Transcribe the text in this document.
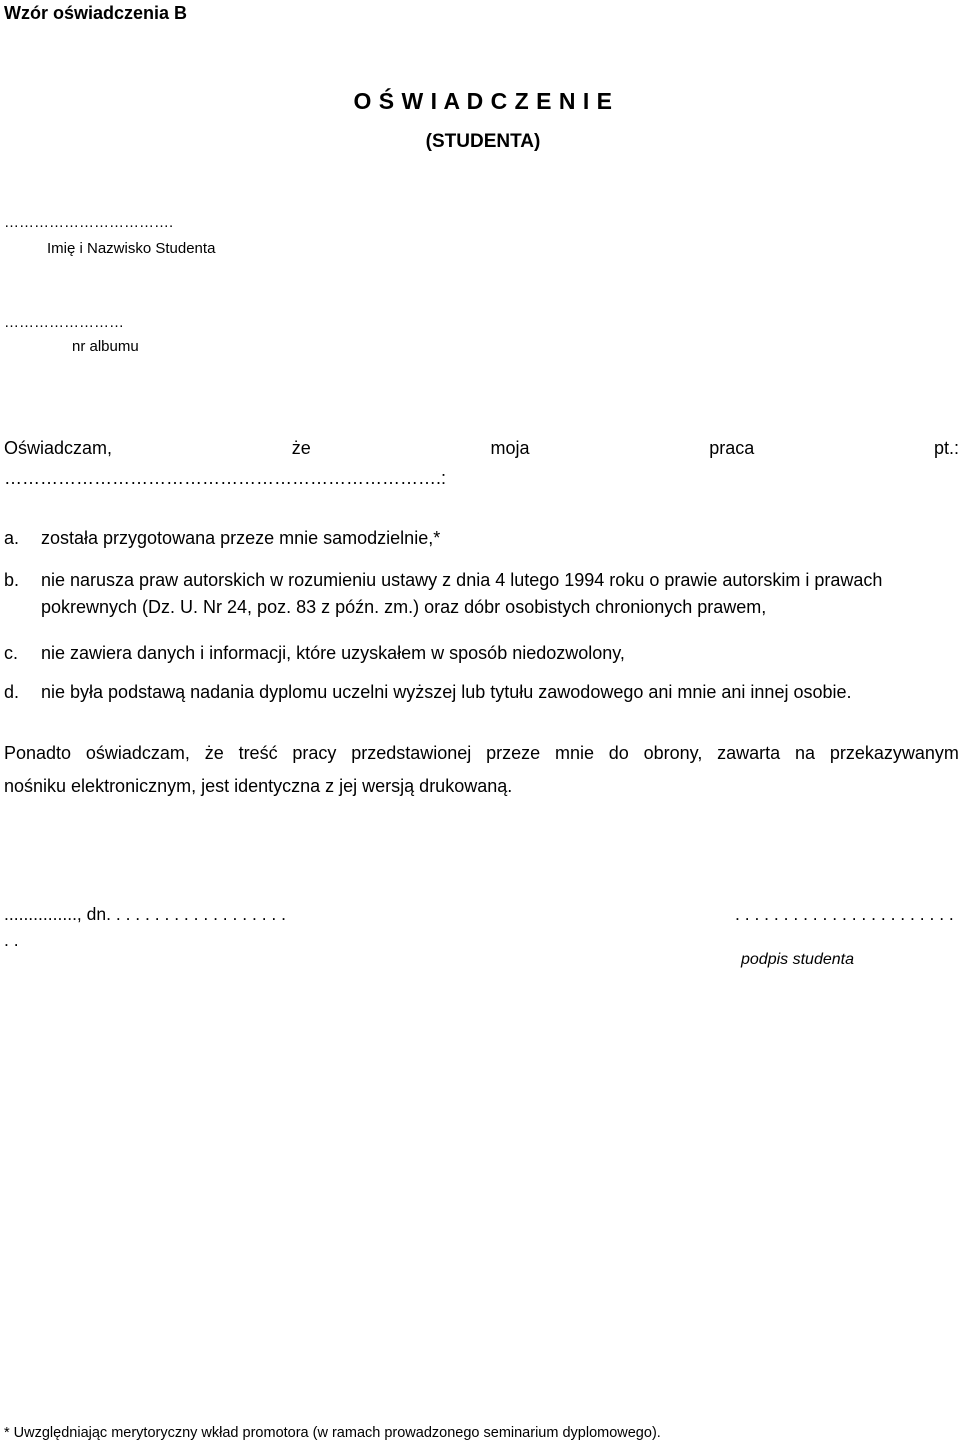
Wzór oświadczenia B
O Ś W I A D C Z E N I E
(STUDENTA)
…………………………….
Imię i Nazwisko Studenta
……………………
nr albumu
Oświadczam,	że	moja	praca	pt.:
……………………………………………………………….:
a. została przygotowana przeze mnie samodzielnie,*
b. nie narusza praw autorskich w rozumieniu ustawy z dnia 4 lutego 1994 roku o prawie autorskim i prawach
pokrewnych (Dz. U. Nr 24, poz. 83 z późn. zm.) oraz dóbr osobistych chronionych prawem,
c. nie zawiera danych i informacji, które uzyskałem w sposób niedozwolony,
d. nie była podstawą nadania dyplomu uczelni wyższej lub tytułu zawodowego ani mnie ani innej osobie.
Ponadto oświadczam, że treść pracy przedstawionej przeze mnie do obrony, zawarta na przekazywanym
nośniku elektronicznym, jest identyczna z jej wersją drukowaną.
..............., dn. . . . . . . . . . . . . . . . . . .
. .
. . . . . . . . . . . . . . . . . . . . . . .
podpis studenta
* Uwzględniając merytoryczny wkład promotora (w ramach prowadzonego seminarium dyplomowego).
